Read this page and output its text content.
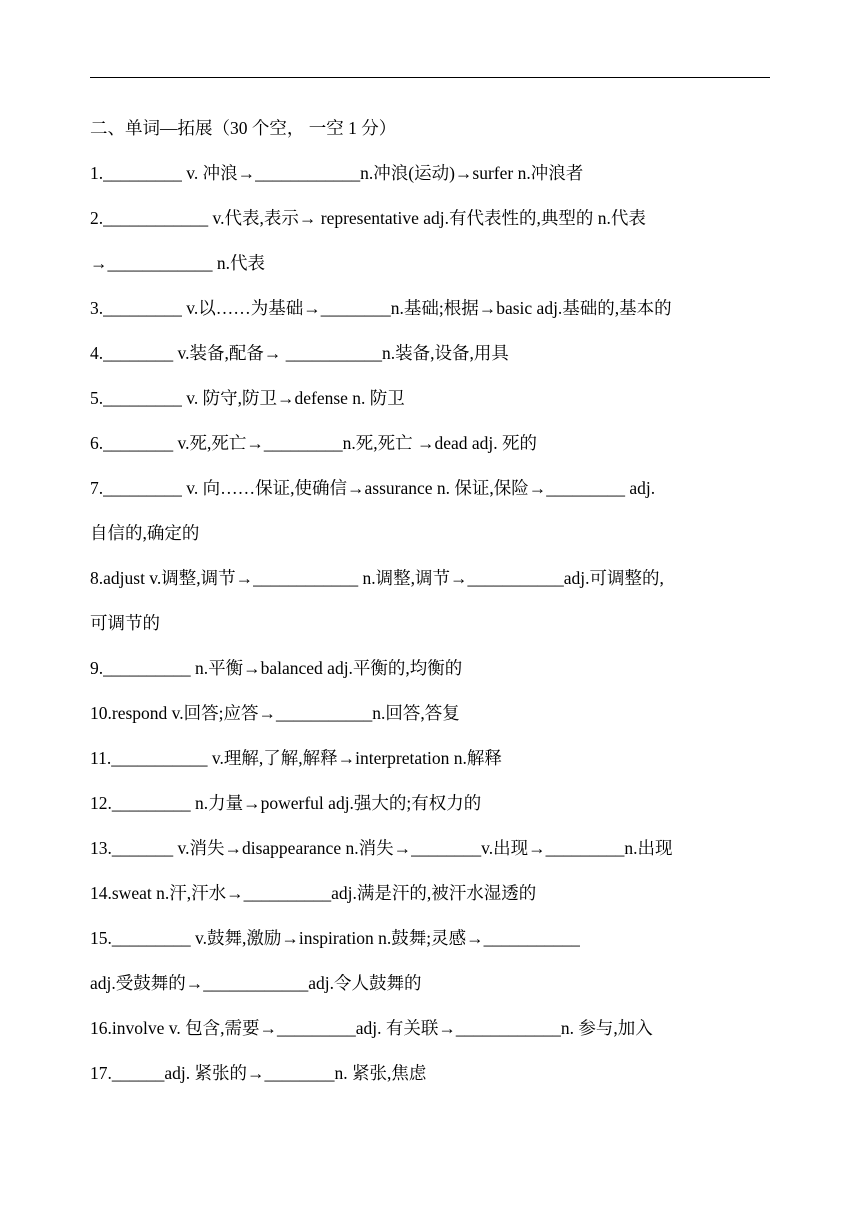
二、单词—拓展（30 个空， 一空 1 分）
1._________ v. 冲浪→____________n.冲浪(运动)→surfer n.冲浪者
2.____________ v.代表,表示→ representative adj.有代表性的,典型的 n.代表
→____________ n.代表
3._________ v.以……为基础→________n.基础;根据→basic adj.基础的,基本的
4.________ v.装备,配备→ ___________n.装备,设备,用具
5._________ v. 防守,防卫→defense n. 防卫
6.________ v.死,死亡→_________n.死,死亡 →dead adj. 死的
7._________ v. 向……保证,使确信→assurance n. 保证,保险→_________ adj.
自信的,确定的
8.adjust v.调整,调节→____________ n.调整,调节→___________adj.可调整的,
可调节的
9.__________ n.平衡→balanced adj.平衡的,均衡的
10.respond v.回答;应答→___________n.回答,答复
11.___________ v.理解,了解,解释→interpretation n.解释
12._________ n.力量→powerful adj.强大的;有权力的
13._______ v.消失→disappearance n.消失→________v.出现→_________n.出现
14.sweat n.汗,汗水→__________adj.满是汗的,被汗水湿透的
15._________ v.鼓舞,激励→inspiration n.鼓舞;灵感→___________
adj.受鼓舞的→____________adj.令人鼓舞的
16.involve v. 包含,需要→_________adj. 有关联→____________n. 参与,加入
17.______adj. 紧张的→________n. 紧张,焦虑
